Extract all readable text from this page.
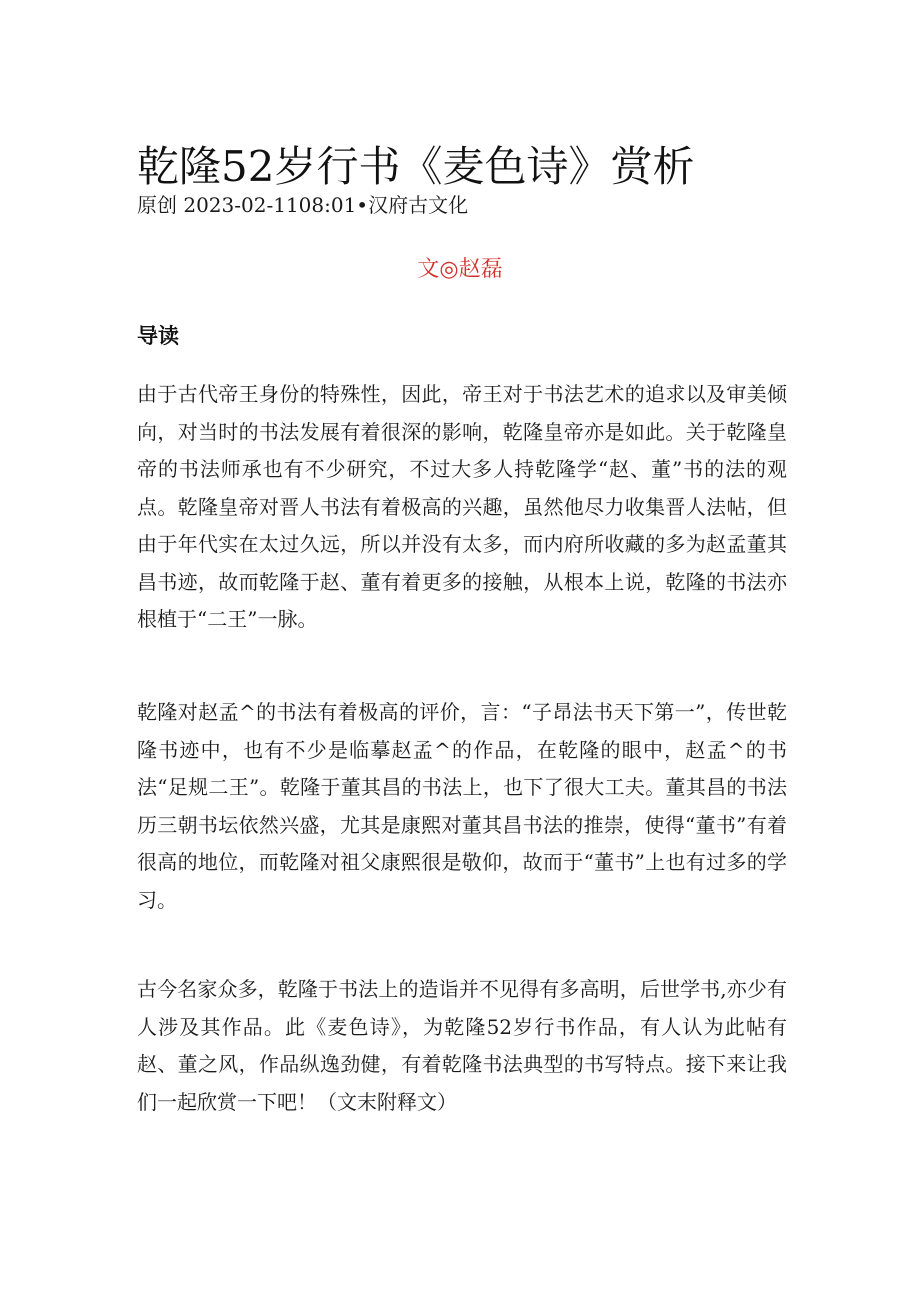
乾隆52岁行书《麦色诗》赏析
原创 2023-02-1108:01•汉府古文化
文◎赵磊
导读

由于古代帝王身份的特殊性，因此，帝王对于书法艺术的追求以及审美倾向，对当时的书法发展有着很深的影响，乾隆皇帝亦是如此。关于乾隆皇帝的书法师承也有不少研究，不过大多人持乾隆学“赵、董”书的法的观点。乾隆皇帝对晋人书法有着极高的兴趣，虽然他尽力收集晋人法帖，但由于年代实在太过久远，所以并没有太多，而内府所收藏的多为赵孟董其昌书迹，故而乾隆于赵、董有着更多的接触，从根本上说，乾隆的书法亦根植于“二王”一脉。

乾隆对赵孟^的书法有着极高的评价，言：“子昂法书天下第一”，传世乾隆书迹中，也有不少是临摹赵孟^的作品，在乾隆的眼中，赵孟^的书法“足规二王”。乾隆于董其昌的书法上，也下了很大工夫。董其昌的书法历三朝书坛依然兴盛，尤其是康熙对董其昌书法的推崇，使得“董书”有着很高的地位，而乾隆对祖父康熙很是敬仰，故而于“董书”上也有过多的学习。

古今名家众多，乾隆于书法上的造诣并不见得有多高明，后世学书,亦少有人涉及其作品。此《麦色诗》，为乾隆52岁行书作品，有人认为此帖有赵、董之风，作品纵逸劲健，有着乾隆书法典型的书写特点。接下来让我们一起欣赏一下吧！（文末附释文）
